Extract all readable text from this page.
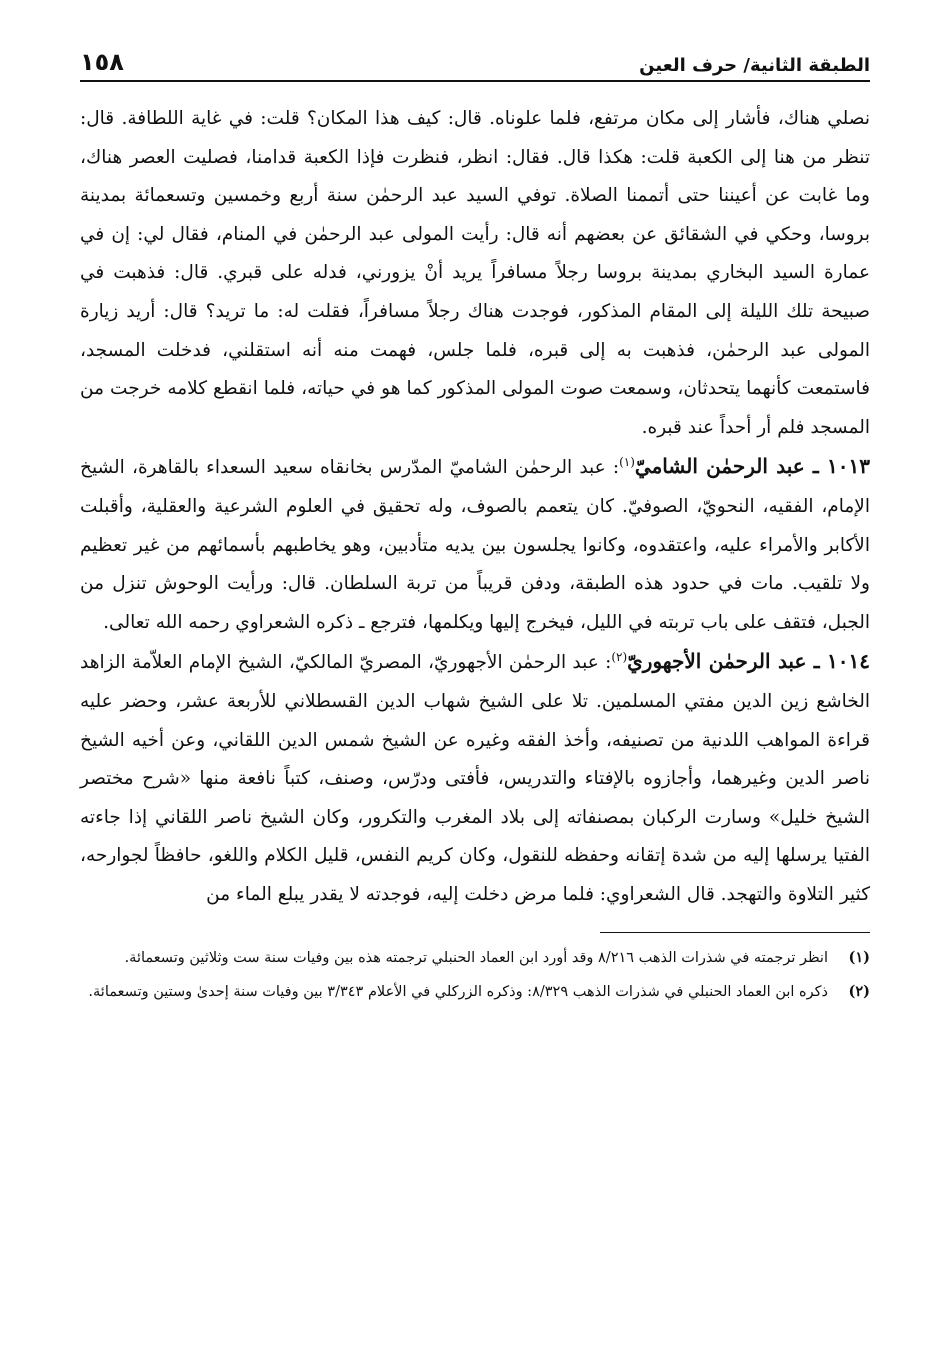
الطبقة الثانية/ حرف العين
١٥٨

نصلي هناك، فأشار إلى مكان مرتفع، فلما علوناه. قال: كيف هذا المكان؟ قلت: في غاية اللطافة. قال: تنظر من هنا إلى الكعبة قلت: هكذا قال. فقال: انظر، فنظرت فإذا الكعبة قدامنا، فصليت العصر هناك، وما غابت عن أعيننا حتى أتممنا الصلاة. توفي السيد عبد الرحمٰن سنة أربع وخمسين وتسعمائة بمدينة بروسا، وحكي في الشقائق عن بعضهم أنه قال: رأيت المولى عبد الرحمٰن في المنام، فقال لي: إن في عمارة السيد البخاري بمدينة بروسا رجلاً مسافراً يريد أنْ يزورني، فدله على قبري. قال: فذهبت في صبيحة تلك الليلة إلى المقام المذكور، فوجدت هناك رجلاً مسافراً، فقلت له: ما تريد؟ قال: أريد زيارة المولى عبد الرحمٰن، فذهبت به إلى قبره، فلما جلس، فهمت منه أنه استقلني، فدخلت المسجد، فاستمعت كأنهما يتحدثان، وسمعت صوت المولى المذكور كما هو في حياته، فلما انقطع كلامه خرجت من المسجد فلم أر أحداً عند قبره.

١٠١٣ ـ عبد الرحمٰن الشاميّ$^{(١)}$: عبد الرحمٰن الشاميّ المدّرس بخانقاه سعيد السعداء بالقاهرة، الشيخ الإمام، الفقيه، النحويّ، الصوفيّ. كان يتعمم بالصوف، وله تحقيق في العلوم الشرعية والعقلية، وأقبلت الأكابر والأمراء عليه، واعتقدوه، وكانوا يجلسون بين يديه متأدبين، وهو يخاطبهم بأسمائهم من غير تعظيم ولا تلقيب. مات في حدود هذه الطبقة، ودفن قريباً من تربة السلطان. قال: ورأيت الوحوش تنزل من الجبل، فتقف على باب تربته في الليل، فيخرج إليها ويكلمها، فترجع ـ ذكره الشعراوي رحمه الله تعالى.

١٠١٤ ـ عبد الرحمٰن الأجهوريّ$^{(٢)}$: عبد الرحمٰن الأجهوريّ، المصريّ المالكيّ، الشيخ الإمام العلاّمة الزاهد الخاشع زين الدين مفتي المسلمين. تلا على الشيخ شهاب الدين القسطلاني للأربعة عشر، وحضر عليه قراءة المواهب اللدنية من تصنيفه، وأخذ الفقه وغيره عن الشيخ شمس الدين اللقاني، وعن أخيه الشيخ ناصر الدين وغيرهما، وأجازوه بالإفتاء والتدريس، فأفتى ودرّس، وصنف، كتباً نافعة منها «شرح مختصر الشيخ خليل» وسارت الركبان بمصنفاته إلى بلاد المغرب والتكرور، وكان الشيخ ناصر اللقاني إذا جاءته الفتيا يرسلها إليه من شدة إتقانه وحفظه للنقول، وكان كريم النفس، قليل الكلام واللغو، حافظاً لجوارحه، كثير التلاوة والتهجد. قال الشعراوي: فلما مرض دخلت إليه، فوجدته لا يقدر يبلع الماء من

(١)
انظر ترجمته في شذرات الذهب ٨/٢١٦ وقد أورد ابن العماد الحنبلي ترجمته هذه بين وفيات سنة ست وثلاثين وتسعمائة.
(٢)
ذكره ابن العماد الحنبلي في شذرات الذهب ٨/٣٢٩: وذكره الزركلي في الأعلام ٣/٣٤٣ بين وفيات سنة إحدىٰ وستين وتسعمائة.
